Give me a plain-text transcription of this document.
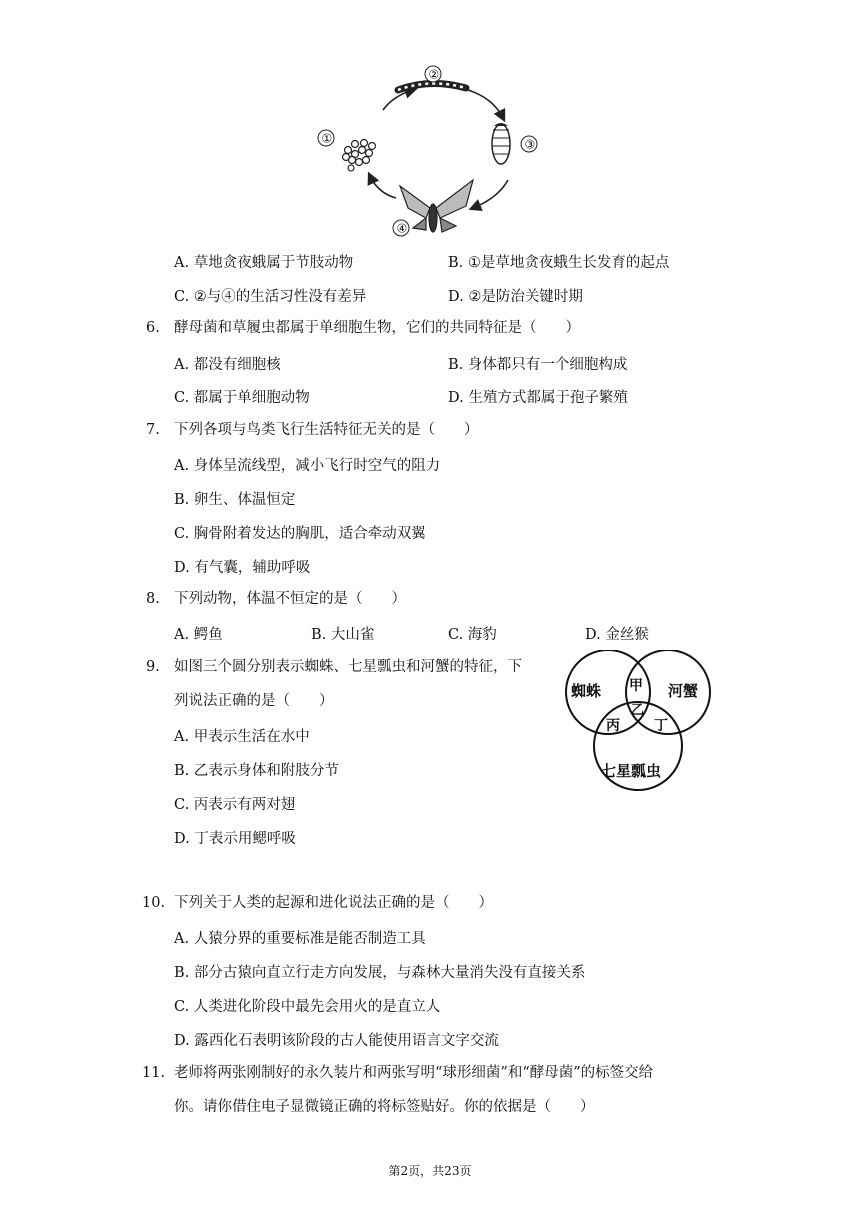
①
②
③
④
A. 草地贪夜蛾属于节肢动物	B. ①是草地贪夜蛾生长发育的起点
C. ②与④的生活习性没有差异	D. ②是防治关键时期
6. 酵母菌和草履虫都属于单细胞生物，它们的共同特征是（　　）
A. 都没有细胞核	B. 身体都只有一个细胞构成
C. 都属于单细胞动物	D. 生殖方式都属于孢子繁殖
7. 下列各项与鸟类飞行生活特征无关的是（　　）
A. 身体呈流线型，减小飞行时空气的阻力
B. 卵生、体温恒定
C. 胸骨附着发达的胸肌，适合牵动双翼
D. 有气囊，辅助呼吸
8. 下列动物，体温不恒定的是（　　）
A. 鳄鱼	B. 大山雀	C. 海豹	D. 金丝猴
9. 如图三个圆分别表示蜘蛛、七星瓢虫和河蟹的特征，下
列说法正确的是（　　）
A. 甲表示生活在水中
B. 乙表示身体和附肢分节
C. 丙表示有两对翅
D. 丁表示用鳃呼吸
蜘蛛	河蟹
七星瓢虫
甲
乙
丙 丁
10. 下列关于人类的起源和进化说法正确的是（　　）
A. 人猿分界的重要标准是能否制造工具
B. 部分古猿向直立行走方向发展，与森林大量消失没有直接关系
C. 人类进化阶段中最先会用火的是直立人
D. 露西化石表明该阶段的古人能使用语言文字交流
11. 老师将两张刚制好的永久装片和两张写明“球形细菌”和“酵母菌”的标签交给
你。请你借住电子显微镜正确的将标签贴好。你的依据是（　　）
第2页，共23页
